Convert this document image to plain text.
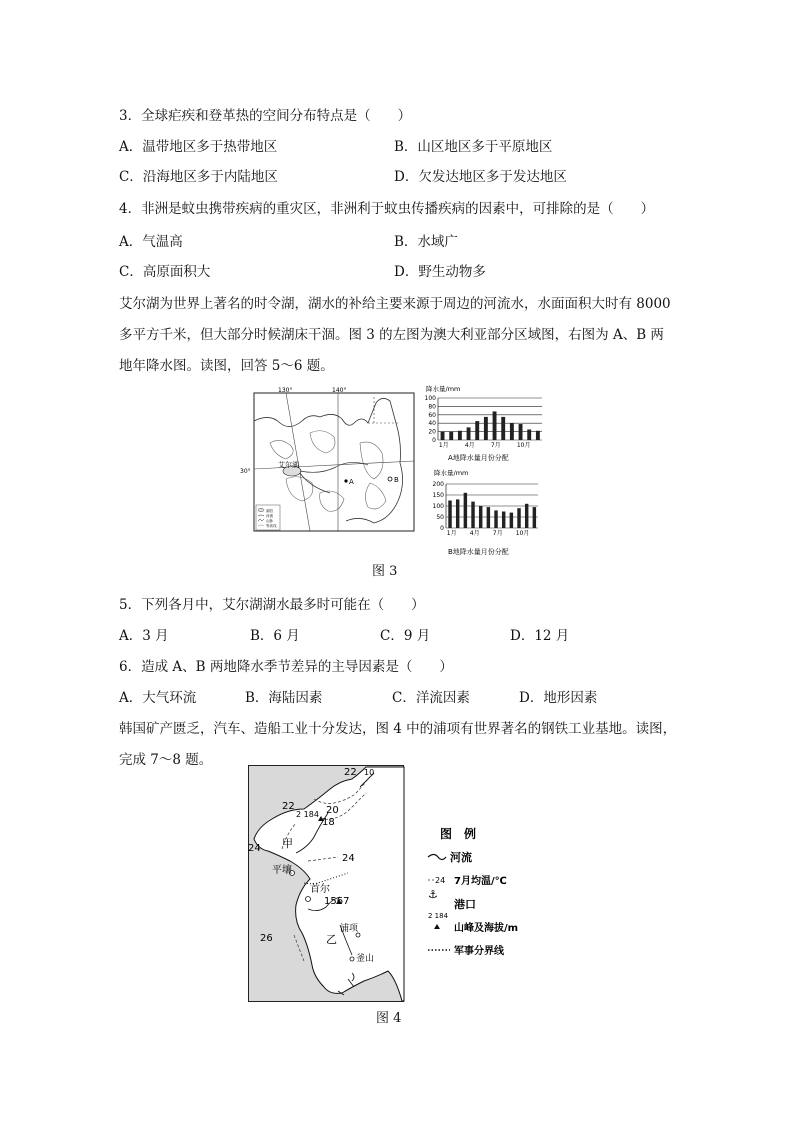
3．全球疟疾和登革热的空间分布特点是（　　）
A．温带地区多于热带地区	B．山区地区多于平原地区
C．沿海地区多于内陆地区	D．欠发达地区多于发达地区
4．非洲是蚊虫携带疾病的重灾区，非洲利于蚊虫传播疾病的因素中，可排除的是（　　）
A．气温高	B．水域广
C．高原面积大	D．野生动物多
艾尔湖为世界上著名的时令湖，湖水的补给主要来源于周边的河流水，水面面积大时有 8000
多平方千米，但大部分时候湖床干涸。图 3 的左图为澳大利亚部分区域图，右图为 A、B 两
地年降水图。读图，回答 5～6 题。
130°	140°
30°
艾尔湖
A	B
湖泊
河流
山脉
等高线
降水量/mm
100
80
60
40
20
0
1月	4月	7月	10月
A地降水量月份分配
降水量/mm
200
150
100
50
0
1月 4月 7月 10月
B地降水量月份分配
图 3
5．下列各月中，艾尔湖湖水最多时可能在（　　）
A．3 月	B．6 月	C．9 月	D．12 月
6．造成 A、B 两地降水季节差异的主导因素是（　　）
A．大气环流	B．海陆因素	C．洋流因素	D．地形因素
韩国矿产匮乏，汽车、造船工业十分发达，图 4 中的浦项有世界著名的钢铁工业基地。读图，
完成 7～8 题。
22 10
22	20
18
2 184
24 甲
24
平壤
首尔
1567
26	乙
浦项
釜山
图　例
河流
24 7月均温/℃
⚓
港口
2 184
山峰及海拔/m
军事分界线
图 4
